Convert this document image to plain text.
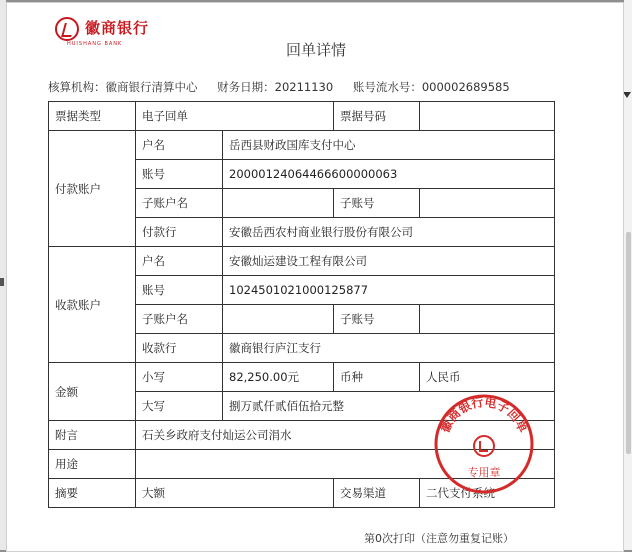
徽商银行
HUISHANG BANK	回单详情
核算机构：徽商银行清算中心 财务日期：20211130 账号流水号：000002689585
票据类型	电子回单		票据号码	
付款账户	户名	岳西县财政国库支付中心		
	账号	20000124064466600000063		
	子账户名		子账号	
	付款行	安徽岳西农村商业银行股份有限公司		
收款账户	户名	安徽灿运建设工程有限公司		
	账号	1024501021000125877		
	子账户名		子账号	
	收款行	徽商银行庐江支行		
金额	小写	82,250.00元	币种	人民币
	大写	捌万贰仟贰佰伍拾元整		
附言	石关乡政府支付灿运公司涓水			
用途				
摘要	大额		交易渠道	二代支付系统
徽商银行电子回单
专用章
第0次打印（注意勿重复记账）
